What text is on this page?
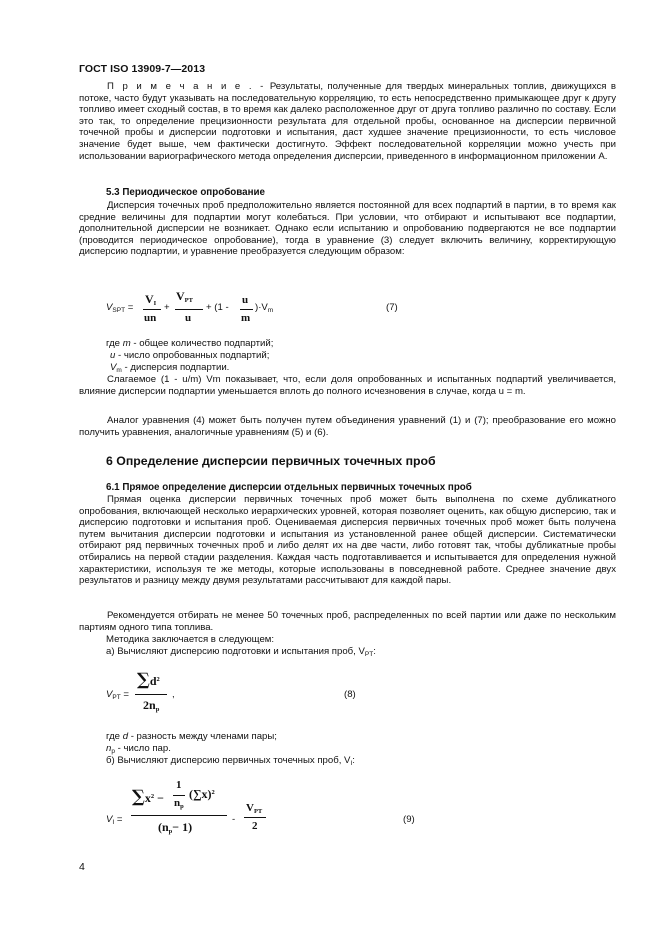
ГОСТ ISO 13909-7—2013
П р и м е ч а н и е . - Результаты, полученные для твердых минеральных топлив, движущихся в потоке, часто будут указывать на последовательную корреляцию, то есть непосредственно примыкающее друг к другу топливо имеет сходный состав, в то время как далеко расположенное друг от друга топливо различно по составу. Если это так, то определение прецизионности результата для отдельной пробы, основанное на дисперсии первичной точечной пробы и дисперсии подготовки и испытания, даст худшее значение прецизионности, то есть числовое значение будет выше, чем фактически достигнуто. Эффект последовательной корреляции можно учесть при использовании вариографического метода определения дисперсии, приведенного в информационном приложении А.
5.3 Периодическое опробование
Дисперсия точечных проб предположительно является постоянной для всех подпартий в партии, в то время как средние величины для подпартии могут колебаться. При условии, что отбирают и испытывают все подпартии, дополнительной дисперсии не возникает. Однако если испытанию и опробованию подвергаются не все подпартии (проводится периодическое опробование), тогда в уравнение (3) следует включить величину, корректирующую дисперсию подпартии, и уравнение преобразуется следующим образом:
$V_{SPT}$ =
$V_I$
un
+
$V_{PT}$
u
+ (1 -
u
m
)$\cdot V_m$	(7)
где m - общее количество подпартий;
u - число опробованных подпартий;
$V_m$ - дисперсия подпартии.
Слагаемое (1 - u/m) Vm показывает, что, если доля опробованных и испытанных подпартий увеличивается, влияние дисперсии подпартии уменьшается вплоть до полного исчезновения в случае, когда u = m.
Аналог уравнения (4) может быть получен путем объединения уравнений (1) и (7); преобразование его можно получить уравнения, аналогичные уравнениям (5) и (6).
6 Определение дисперсии первичных точечных проб
6.1 Прямое определение дисперсии отдельных первичных точечных проб
Прямая оценка дисперсии первичных точечных проб может быть выполнена по схеме дубликатного опробования, включающей несколько иерархических уровней, которая позволяет оценить, как общую дисперсию, так и дисперсию подготовки и испытания проб. Оцениваемая дисперсия первичных точечных проб может быть получена путем вычитания дисперсии подготовки и испытания из установленной ранее общей дисперсии. Систематически отбирают ряд первичных точечных проб и либо делят их на две части, либо готовят так, чтобы дубликатные пробы отбирались на первой стадии разделения. Каждая часть подготавливается и испытывается для определения нужной характеристики, используя те же методы, которые использованы в повседневной работе. Среднее значение двух результатов и разницу между двумя результатами рассчитывают для каждой пары.
Рекомендуется отбирать не менее 50 точечных проб, распределенных по всей партии или даже по нескольким партиям одного типа топлива.
Методика заключается в следующем:
а) Вычисляют дисперсию подготовки и испытания проб, $V_{PT}$:
$V_{PT}$ =
$\sum d^2$
$2n_p$
,	(8)
где d - разность между членами пары;
$n_p$ - число пар.
б) Вычисляют дисперсию первичных точечных проб, $V_I$:
$V_I$ =
$\sum x^2$ −
1
$n_p$
$(\sum x)^2$
$(n_p- 1)$
-
$V_{PT}$
2
(9)
4
